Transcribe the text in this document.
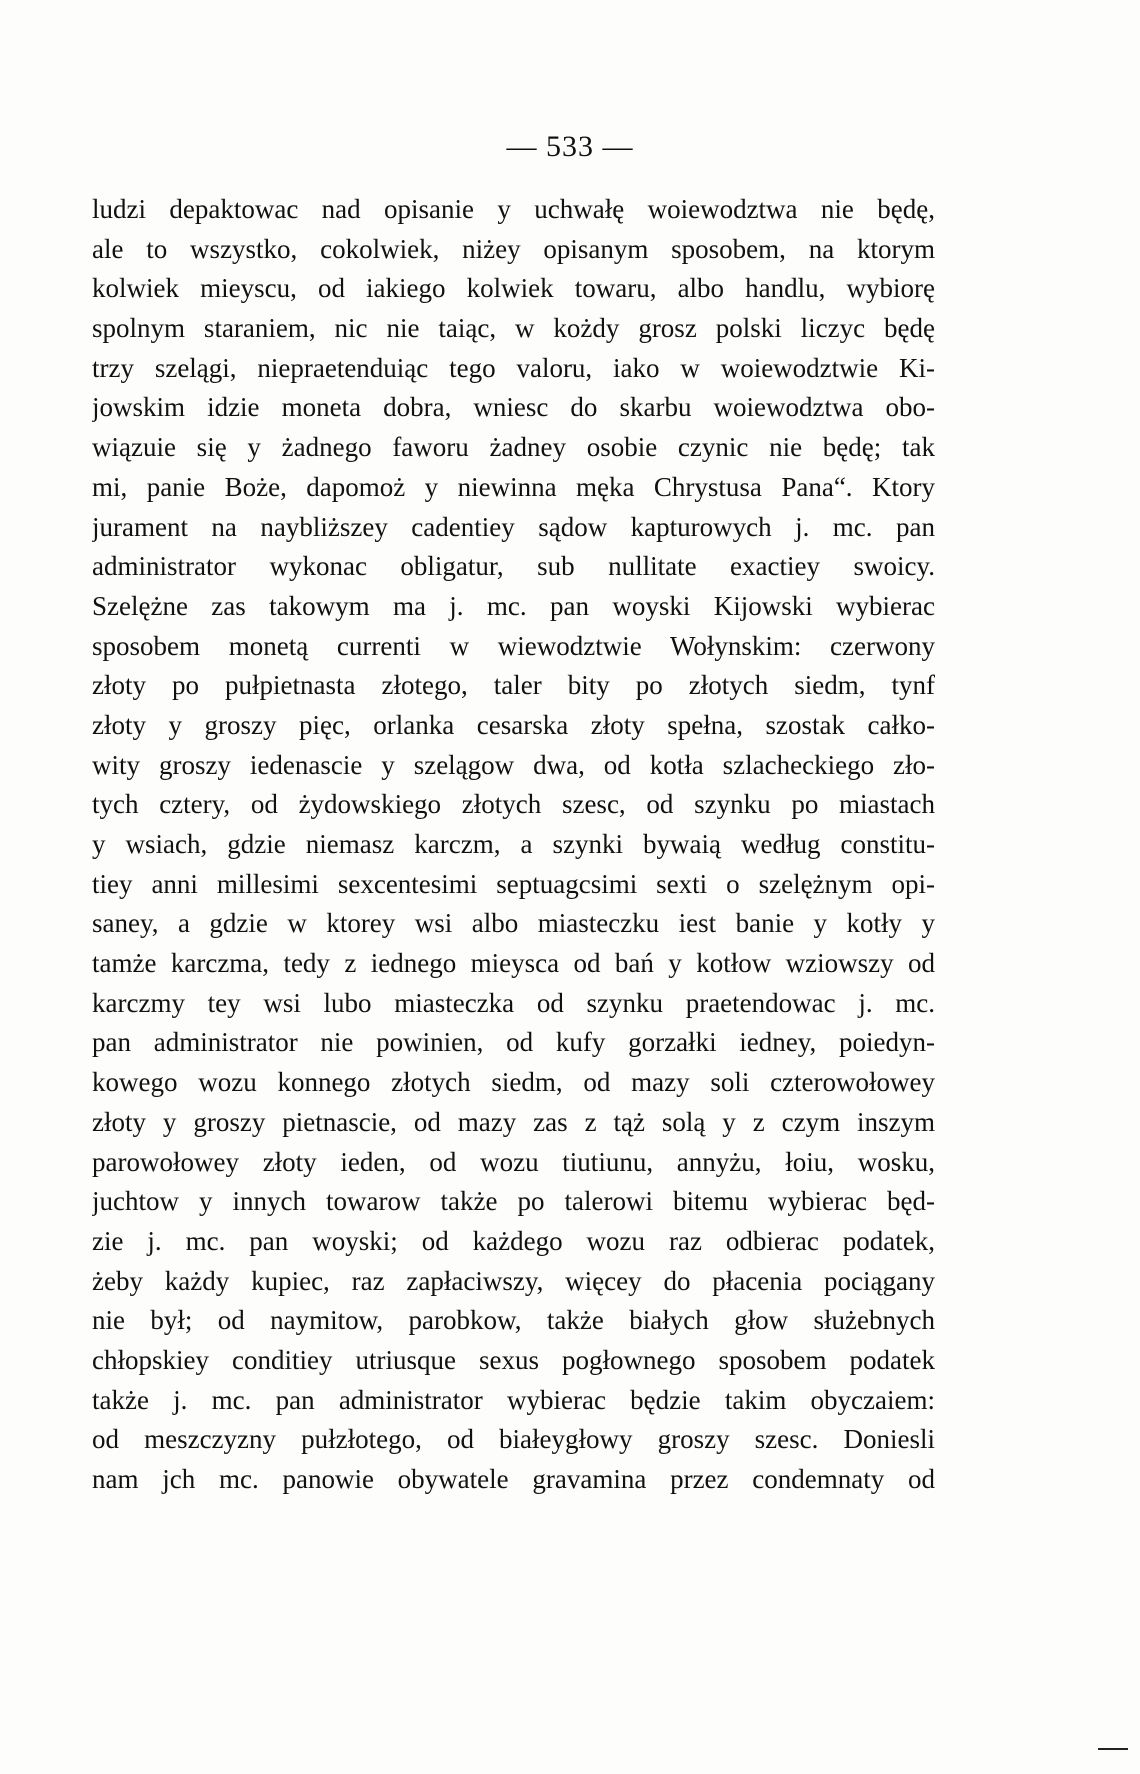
— 533 —
ludzi depaktowac nad opisanie y uchwałę woiewodztwa nie będę,
ale to wszystko, cokolwiek, niżey opisanym sposobem, na ktorym
kolwiek mieyscu, od iakiego kolwiek towaru, albo handlu, wybiorę
spolnym staraniem, nic nie taiąc, w kożdy grosz polski liczyc będę
trzy szelągi, niepraetenduiąc tego valoru, iako w woiewodztwie Ki-
jowskim idzie moneta dobra, wniesc do skarbu woiewodztwa obo-
wiązuie się y żadnego faworu żadney osobie czynic nie będę; tak
mi, panie Boże, dapomoż y niewinna męka Chrystusa Pana“. Ktory
jurament na naybliższey cadentiey sądow kapturowych j. mc. pan
administrator wykonac obligatur, sub nullitate exactiey swoicy.
Szelężne zas takowym ma j. mc. pan woyski Kijowski wybierac
sposobem monetą currenti w wiewodztwie Wołynskim: czerwony
złoty po pułpietnasta złotego, taler bity po złotych siedm, tynf
złoty y groszy pięc, orlanka cesarska złoty spełna, szostak całko-
wity groszy iedenascie y szelągow dwa, od kotła szlacheckiego zło-
tych cztery, od żydowskiego złotych szesc, od szynku po miastach
y wsiach, gdzie niemasz karczm, a szynki bywaią według constitu-
tiey anni millesimi sexcentesimi septuagcsimi sexti o szelężnym opi-
saney, a gdzie w ktorey wsi albo miasteczku iest banie y kotły y
tamże karczma, tedy z iednego mieysca od bań y kotłow wziowszy od
karczmy tey wsi lubo miasteczka od szynku praetendowac j. mc.
pan administrator nie powinien, od kufy gorzałki iedney, poiedyn-
kowego wozu konnego złotych siedm, od mazy soli czterowołowey
złoty y groszy pietnascie, od mazy zas z tąż solą y z czym inszym
parowołowey złoty ieden, od wozu tiutiunu, annyżu, łoiu, wosku,
juchtow y innych towarow także po talerowi bitemu wybierac będ-
zie j. mc. pan woyski; od każdego wozu raz odbierac podatek,
żeby każdy kupiec, raz zapłaciwszy, więcey do płacenia pociągany
nie był; od naymitow, parobkow, także białych głow służebnych
chłopskiey conditiey utriusque sexus pogłownego sposobem podatek
także j. mc. pan administrator wybierac będzie takim obyczaiem:
od meszczyzny pułzłotego, od białeygłowy groszy szesc. Doniesli
nam jch mc. panowie obywatele gravamina przez condemnaty od
